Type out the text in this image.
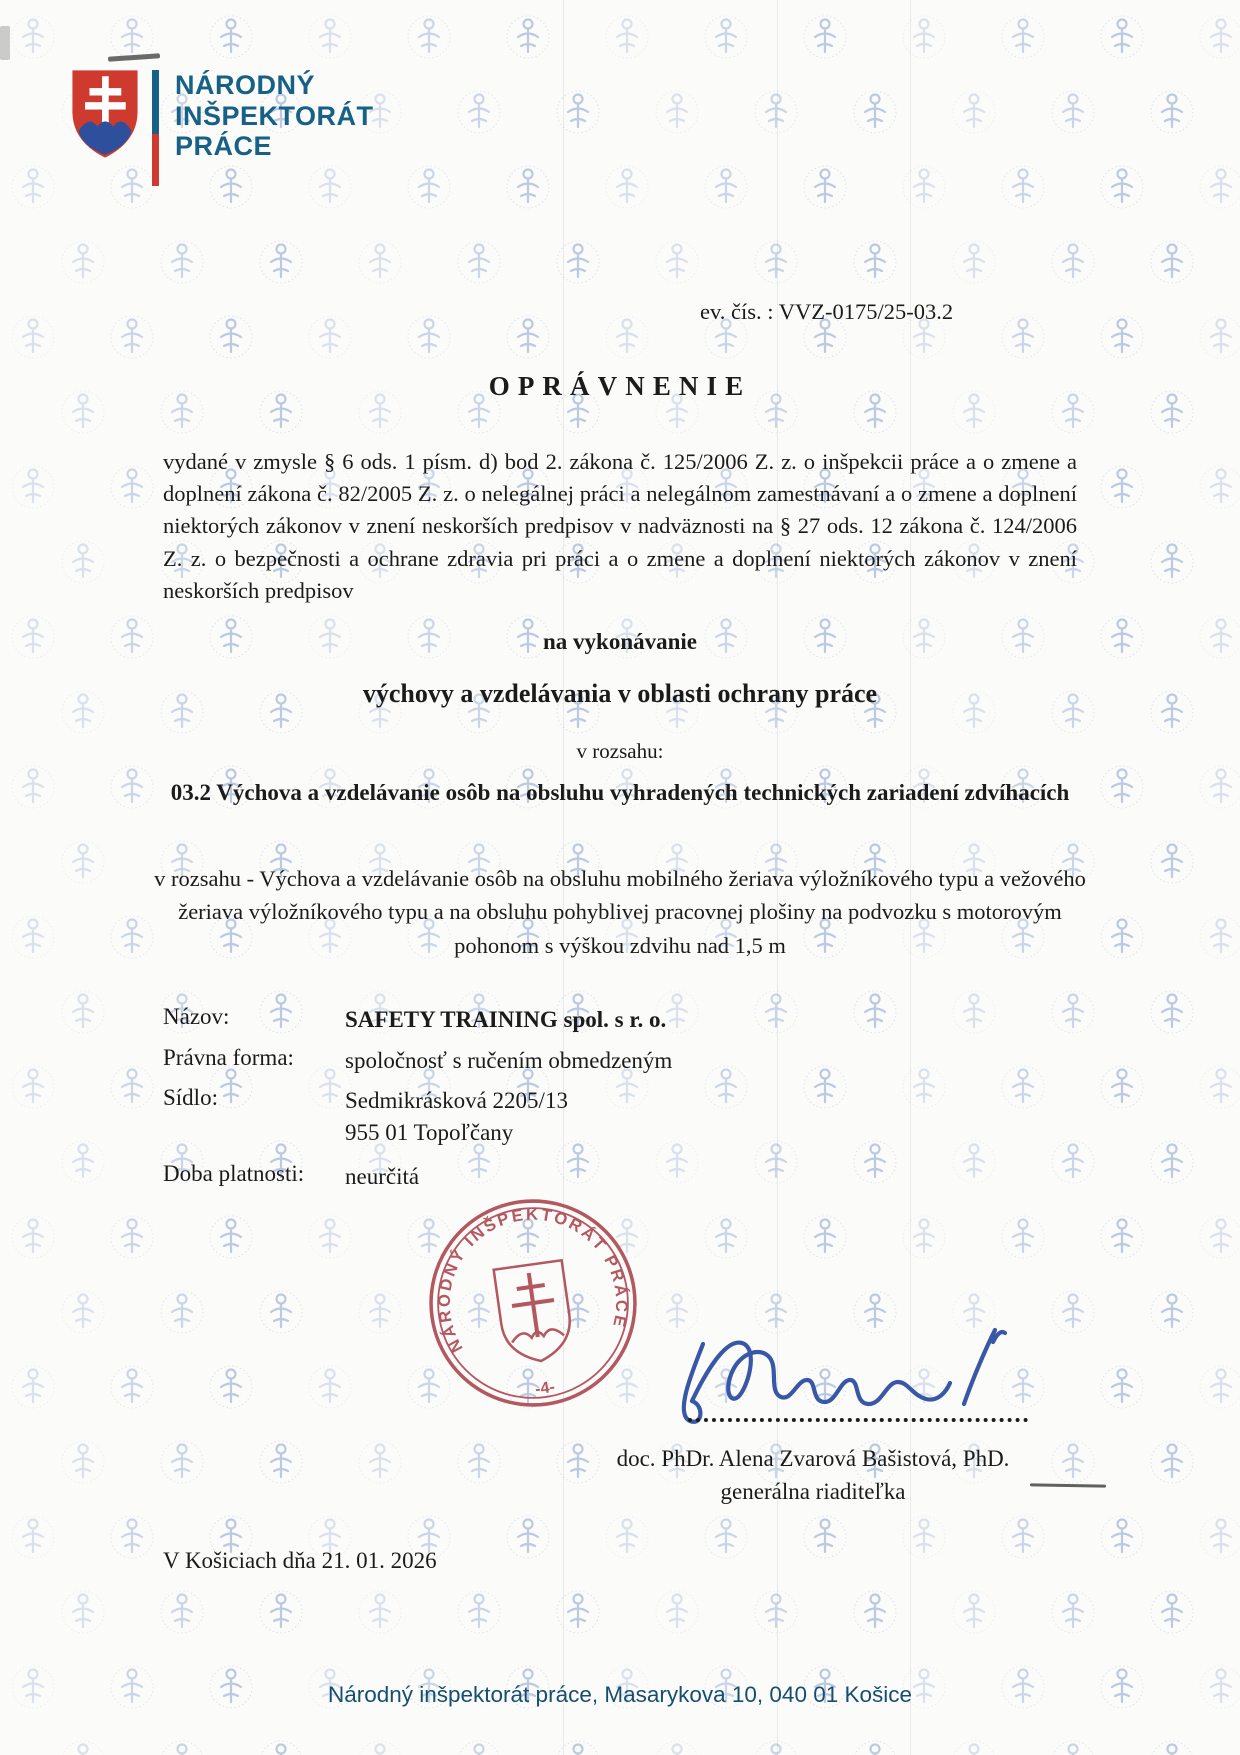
NÁRODNÝ
INŠPEKTORÁT
PRÁCE
ev. čís. : VVZ-0175/25-03.2
OPRÁVNENIE
vydané v zmysle § 6 ods. 1 písm. d) bod 2. zákona č. 125/2006 Z. z. o inšpekcii práce a o zmene a doplnení zákona č. 82/2005 Z. z. o nelegálnej práci a nelegálnom zamestnávaní a o zmene a doplnení niektorých zákonov v znení neskorších predpisov v nadväznosti na § 27 ods. 12 zákona č. 124/2006 Z. z. o bezpečnosti a ochrane zdravia pri práci a o zmene a doplnení niektorých zákonov v znení neskorších predpisov
na vykonávanie
výchovy a vzdelávania v oblasti ochrany práce
v rozsahu:
03.2 Výchova a vzdelávanie osôb na obsluhu vyhradených technických zariadení zdvíhacích
v rozsahu - Výchova a vzdelávanie osôb na obsluhu mobilného žeriava výložníkového typu a vežového žeriava výložníkového typu a na obsluhu pohyblivej pracovnej plošiny na podvozku s motorovým pohonom s výškou zdvihu nad 1,5 m
Názov:	SAFETY TRAINING spol. s r. o.
Právna forma:	spoločnosť s ručením obmedzeným
Sídlo:	Sedmikrásková 2205/13
955 01 Topoľčany
Doba platnosti:	neurčitá
NÁRODNÝ INŠPEKTORÁT PRÁCE
-4-
doc. PhDr. Alena Zvarová Bašistová, PhD.
generálna riaditeľka
V Košiciach dňa 21. 01. 2026
Národný inšpektorát práce, Masarykova 10, 040 01 Košice
